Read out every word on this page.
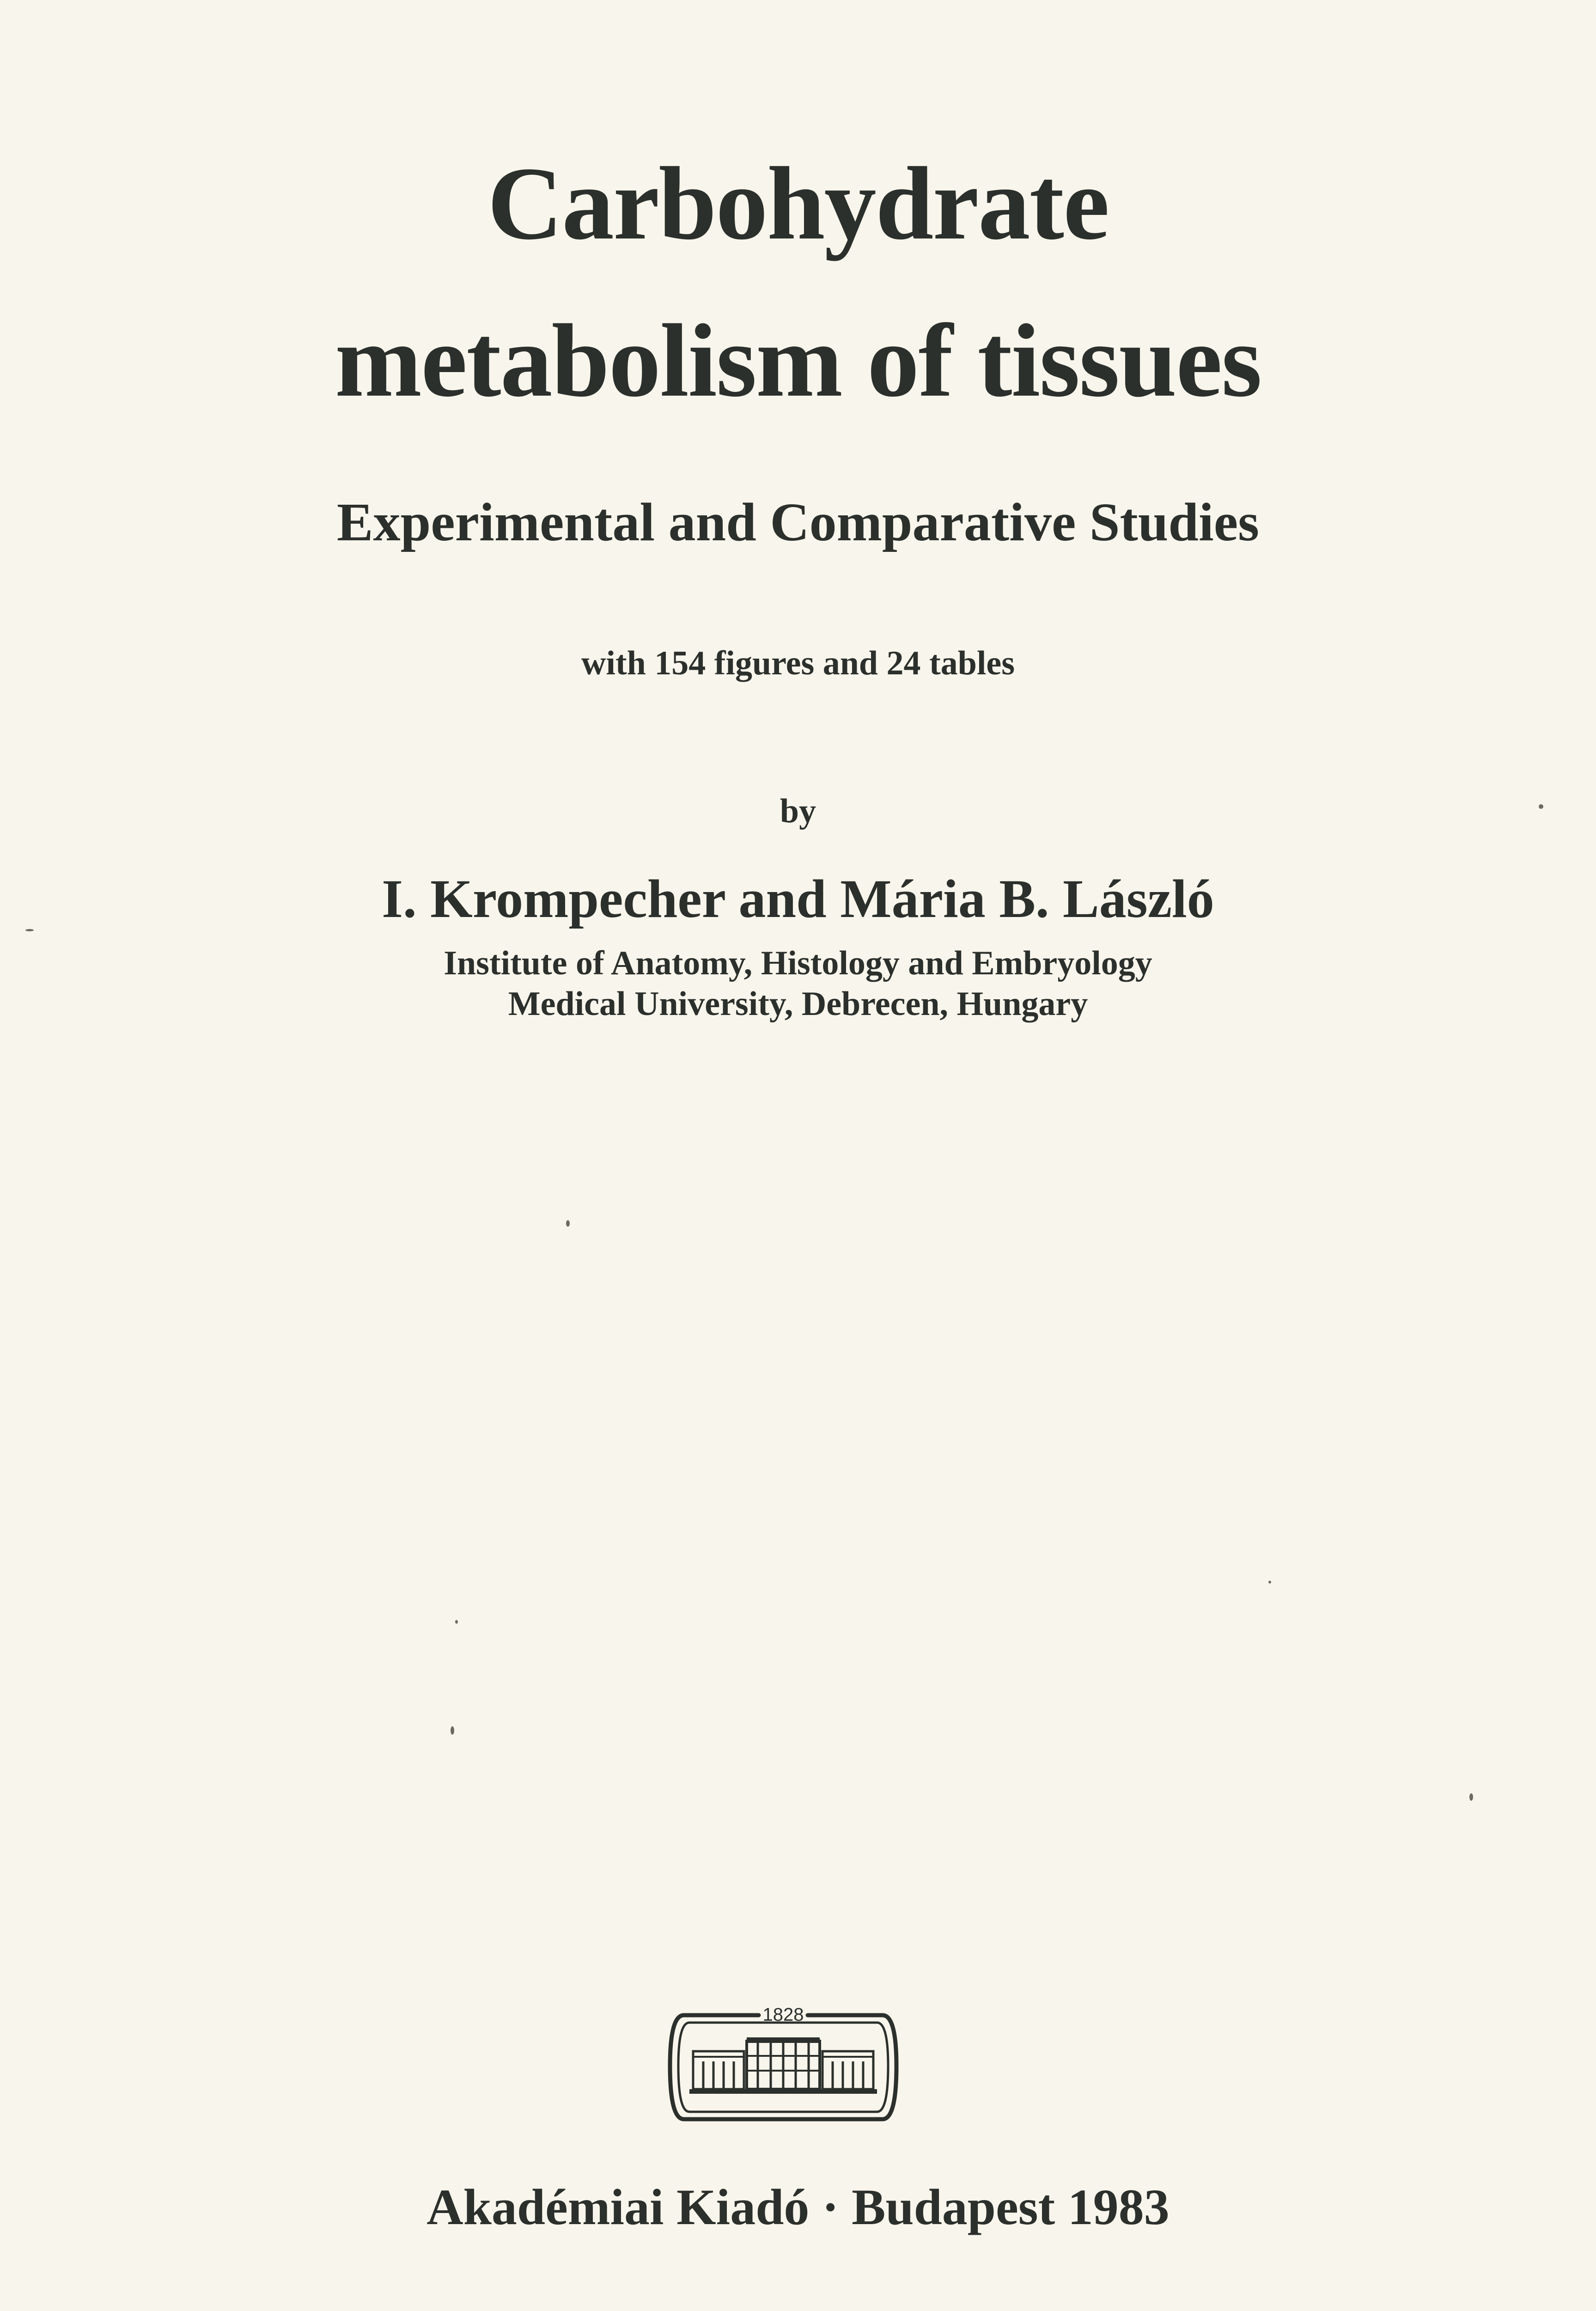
Carbohydrate
metabolism of tissues
Experimental and Comparative Studies
with 154 figures and 24 tables
by
I. Krompecher and Mária B. László
Institute of Anatomy, Histology and Embryology
Medical University, Debrecen, Hungary
1828
Akadémiai Kiadó · Budapest 1983
